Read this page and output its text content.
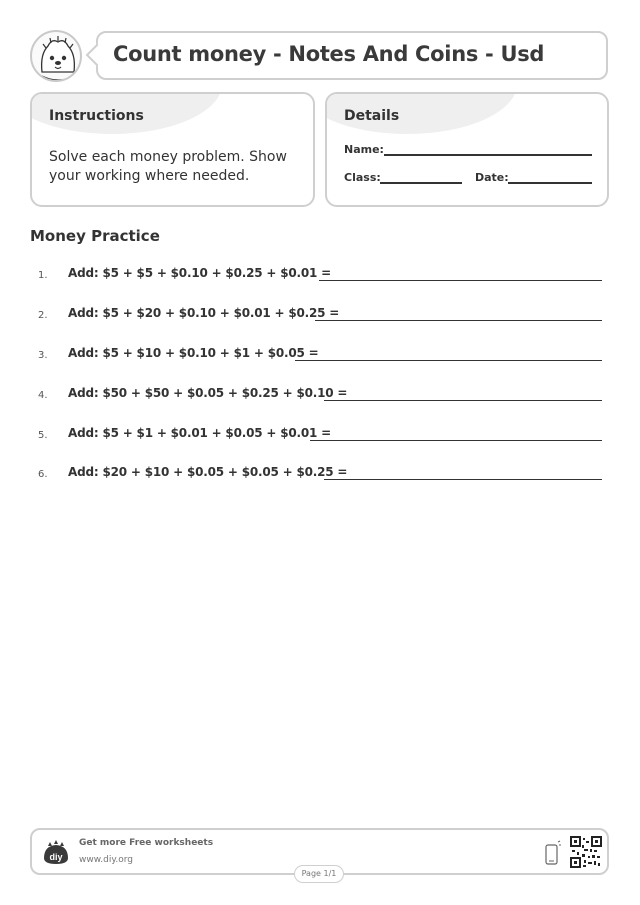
Count money - Notes And Coins - Usd
Instructions
Solve each money problem. Show your working where needed.
Details
Name:
Class:	Date:
Money Practice
1. Add: $5 + $5 + $0.10 + $0.25 + $0.01 =
2. Add: $5 + $20 + $0.10 + $0.01 + $0.25 =
3. Add: $5 + $10 + $0.10 + $1 + $0.05 =
4. Add: $50 + $50 + $0.05 + $0.25 + $0.10 =
5. Add: $5 + $1 + $0.01 + $0.05 + $0.01 =
6. Add: $20 + $10 + $0.05 + $0.05 + $0.25 =
diy
Get more Free worksheets
www.diy.org
Page 1/1
